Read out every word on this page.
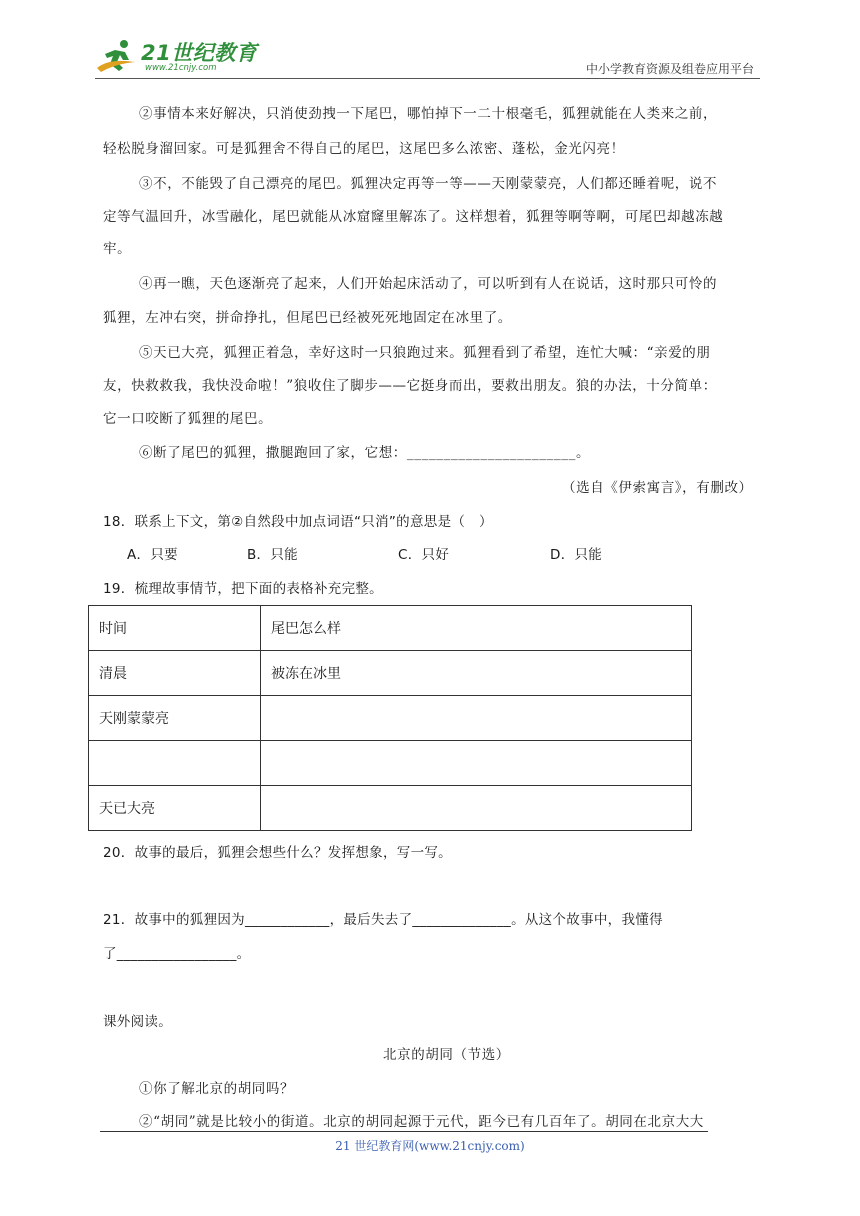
21世纪教育
www.21cnjy.com	中小学教育资源及组卷应用平台
②事情本来好解决，只消使劲拽一下尾巴，哪怕掉下一二十根毫毛，狐狸就能在人类来之前，
轻松脱身溜回家。可是狐狸舍不得自己的尾巴，这尾巴多么浓密、蓬松，金光闪亮！
③不，不能毁了自己漂亮的尾巴。狐狸决定再等一等——天刚蒙蒙亮，人们都还睡着呢，说不
定等气温回升，冰雪融化，尾巴就能从冰窟窿里解冻了。这样想着，狐狸等啊等啊，可尾巴却越冻越
牢。
④再一瞧，天色逐渐亮了起来，人们开始起床活动了，可以听到有人在说话，这时那只可怜的
狐狸，左冲右突，拼命挣扎，但尾巴已经被死死地固定在冰里了。
⑤天已大亮，狐狸正着急，幸好这时一只狼跑过来。狐狸看到了希望，连忙大喊：“亲爱的朋
友，快救救我，我快没命啦！”狼收住了脚步——它挺身而出，要救出朋友。狼的办法，十分简单：
它一口咬断了狐狸的尾巴。
⑥断了尾巴的狐狸，撒腿跑回了家，它想：_______________________。
（选自《伊索寓言》，有删改）
18．联系上下文，第②自然段中加点词语“只消”的意思是（　）
A．只要	B．只能	C．只好	D．只能
19．梳理故事情节，把下面的表格补充完整。
时间	尾巴怎么样
清晨	被冻在冰里
天刚蒙蒙亮	

天已大亮	
20．故事的最后，狐狸会想些什么？发挥想象，写一写。
21．故事中的狐狸因为____________，最后失去了______________。从这个故事中，我懂得
了_________________。
课外阅读。
北京的胡同（节选）
①你了解北京的胡同吗？
②“胡同”就是比较小的街道。北京的胡同起源于元代，距今已有几百年了。胡同在北京大大
21 世纪教育网(www.21cnjy.com)
